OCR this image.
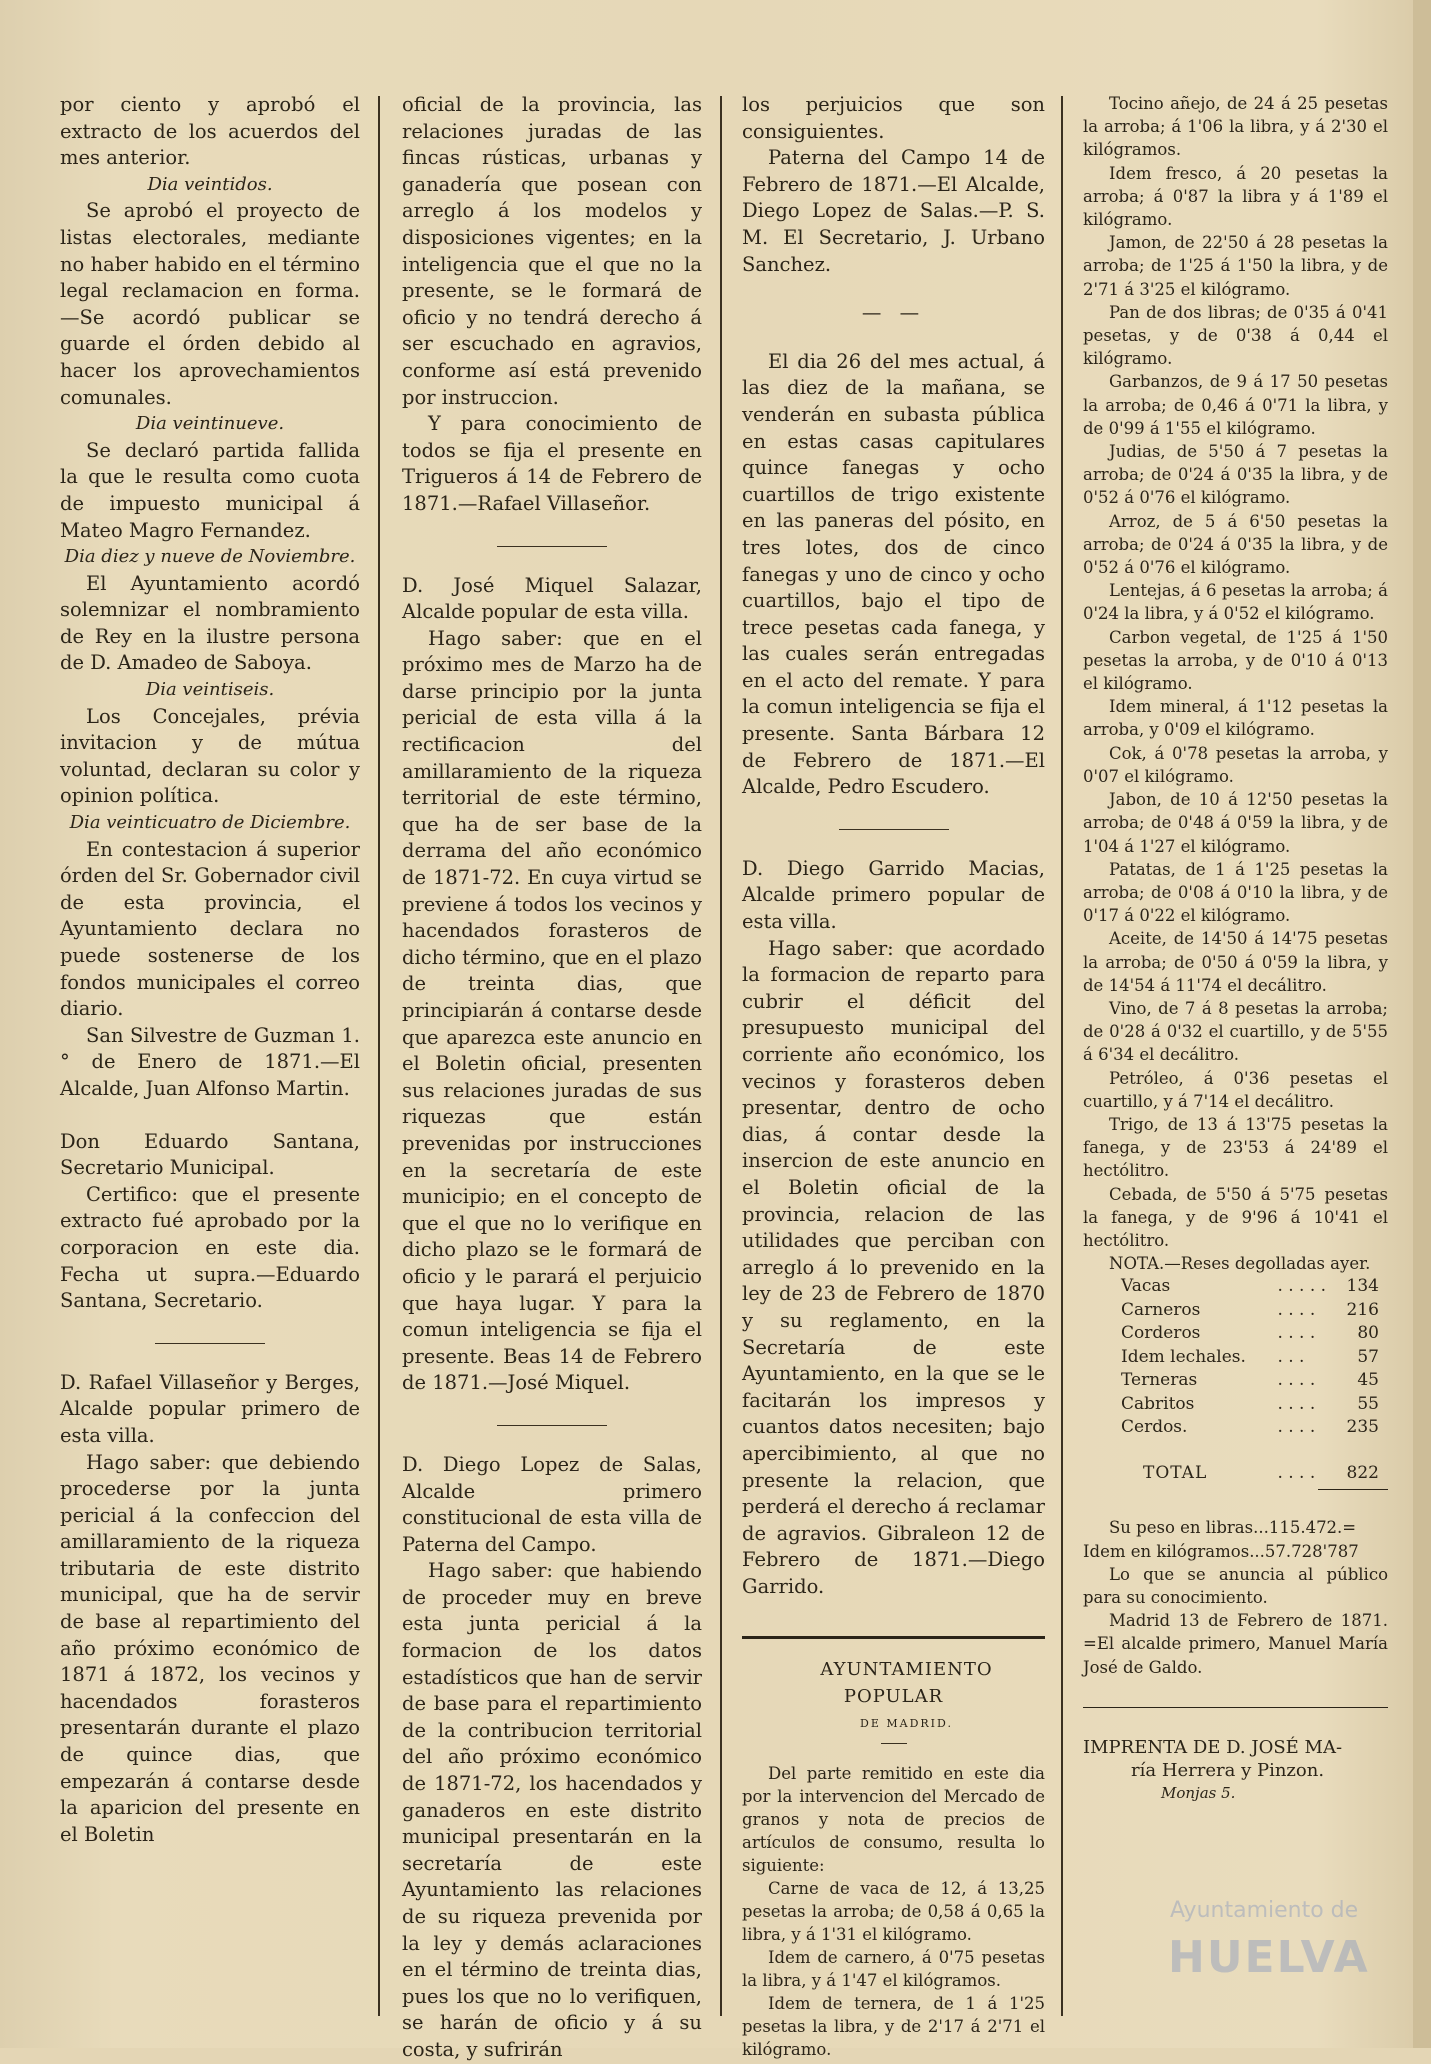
por ciento y aprobó el extracto de los acuerdos del mes anterior.

Dia veintidos.

Se aprobó el proyecto de listas electorales, mediante no haber habido en el término legal reclamacion en forma. —Se acordó publicar se guarde el órden debido al hacer los aprovechamientos comunales.

Dia veintinueve.

Se declaró partida fallida la que le resulta como cuota de impuesto municipal á Mateo Magro Fernandez.

Dia diez y nueve de Noviembre.

El Ayuntamiento acordó solemnizar el nombramiento de Rey en la ilustre persona de D. Amadeo de Saboya.

Dia veintiseis.

Los Concejales, prévia invitacion y de mútua voluntad, declaran su color y opinion política.

Dia veinticuatro de Diciembre.

En contestacion á superior órden del Sr. Gobernador civil de esta provincia, el Ayuntamiento declara no puede sostenerse de los fondos municipales el correo diario.

San Silvestre de Guzman 1.° de Enero de 1871.—El Alcalde, Juan Alfonso Martin.

Don Eduardo Santana, Secretario Municipal.

Certifico: que el presente extracto fué aprobado por la corporacion en este dia. Fecha ut supra.—Eduardo Santana, Secretario.

D. Rafael Villaseñor y Berges, Alcalde popular primero de esta villa.

Hago saber: que debiendo procederse por la junta pericial á la confeccion del amillaramiento de la riqueza tributaria de este distrito municipal, que ha de servir de base al repartimiento del año próximo económico de 1871 á 1872, los vecinos y hacendados forasteros presentarán durante el plazo de quince dias, que empezarán á contarse desde la aparicion del presente en el Boletin

oficial de la provincia, las relaciones juradas de las fincas rústicas, urbanas y ganadería que posean con arreglo á los modelos y disposiciones vigentes; en la inteligencia que el que no la presente, se le formará de oficio y no tendrá derecho á ser escuchado en agravios, conforme así está prevenido por instruccion.

Y para conocimiento de todos se fija el presente en Trigueros á 14 de Febrero de 1871.—Rafael Villaseñor.

D. José Miquel Salazar, Alcalde popular de esta villa.

Hago saber: que en el próximo mes de Marzo ha de darse principio por la junta pericial de esta villa á la rectificacion del amillaramiento de la riqueza territorial de este término, que ha de ser base de la derrama del año económico de 1871-72. En cuya virtud se previene á todos los vecinos y hacendados forasteros de dicho término, que en el plazo de treinta dias, que principiarán á contarse desde que aparezca este anuncio en el Boletin oficial, presenten sus relaciones juradas de sus riquezas que están prevenidas por instrucciones en la secretaría de este municipio; en el concepto de que el que no lo verifique en dicho plazo se le formará de oficio y le parará el perjuicio que haya lugar. Y para la comun inteligencia se fija el presente. Beas 14 de Febrero de 1871.—José Miquel.

D. Diego Lopez de Salas, Alcalde primero constitucional de esta villa de Paterna del Campo.

Hago saber: que habiendo de proceder muy en breve esta junta pericial á la formacion de los datos estadísticos que han de servir de base para el repartimiento de la contribucion territorial del año próximo económico de 1871-72, los hacendados y ganaderos en este distrito municipal presentarán en la secretaría de este Ayuntamiento las relaciones de su riqueza prevenida por la ley y demás aclaraciones en el término de treinta dias, pues los que no lo verifiquen, se harán de oficio y á su costa, y sufrirán

los perjuicios que son consiguientes.

Paterna del Campo 14 de Febrero de 1871.—El Alcalde, Diego Lopez de Salas.—P. S. M. El Secretario, J. Urbano Sanchez.

— —

El dia 26 del mes actual, á las diez de la mañana, se venderán en subasta pública en estas casas capitulares quince fanegas y ocho cuartillos de trigo existente en las paneras del pósito, en tres lotes, dos de cinco fanegas y uno de cinco y ocho cuartillos, bajo el tipo de trece pesetas cada fanega, y las cuales serán entregadas en el acto del remate. Y para la comun inteligencia se fija el presente. Santa Bárbara 12 de Febrero de 1871.—El Alcalde, Pedro Escudero.

D. Diego Garrido Macias, Alcalde primero popular de esta villa.

Hago saber: que acordado la formacion de reparto para cubrir el déficit del presupuesto municipal del corriente año económico, los vecinos y forasteros deben presentar, dentro de ocho dias, á contar desde la insercion de este anuncio en el Boletin oficial de la provincia, relacion de las utilidades que perciban con arreglo á lo prevenido en la ley de 23 de Febrero de 1870 y su reglamento, en la Secretaría de este Ayuntamiento, en la que se le facitarán los impresos y cuantos datos necesiten; bajo apercibimiento, al que no presente la relacion, que perderá el derecho á reclamar de agravios. Gibraleon 12 de Febrero de 1871.—Diego Garrido.

AYUNTAMIENTO POPULAR

DE MADRID.

Del parte remitido en este dia por la intervencion del Mercado de granos y nota de precios de artículos de consumo, resulta lo siguiente:

Carne de vaca de 12, á 13,25 pesetas la arroba; de 0,58 á 0,65 la libra, y á 1'31 el kilógramo.

Idem de carnero, á 0'75 pesetas la libra, y á 1'47 el kilógramos.

Idem de ternera, de 1 á 1'25 pesetas la libra, y de 2'17 á 2'71 el kilógramo.

Tocino añejo, de 24 á 25 pesetas la arroba; á 1'06 la libra, y á 2'30 el kilógramos.

Idem fresco, á 20 pesetas la arroba; á 0'87 la libra y á 1'89 el kilógramo.

Jamon, de 22'50 á 28 pesetas la arroba; de 1'25 á 1'50 la libra, y de 2'71 á 3'25 el kilógramo.

Pan de dos libras; de 0'35 á 0'41 pesetas, y de 0'38 á 0,44 el kilógramo.

Garbanzos, de 9 á 17 50 pesetas la arroba; de 0,46 á 0'71 la libra, y de 0'99 á 1'55 el kilógramo.

Judias, de 5'50 á 7 pesetas la arroba; de 0'24 á 0'35 la libra, y de 0'52 á 0'76 el kilógramo.

Arroz, de 5 á 6'50 pesetas la arroba; de 0'24 á 0'35 la libra, y de 0'52 á 0'76 el kilógramo.

Lentejas, á 6 pesetas la arroba; á 0'24 la libra, y á 0'52 el kilógramo.

Carbon vegetal, de 1'25 á 1'50 pesetas la arroba, y de 0'10 á 0'13 el kilógramo.

Idem mineral, á 1'12 pesetas la arroba, y 0'09 el kilógramo.

Cok, á 0'78 pesetas la arroba, y 0'07 el kilógramo.

Jabon, de 10 á 12'50 pesetas la arroba; de 0'48 á 0'59 la libra, y de 1'04 á 1'27 el kilógramo.

Patatas, de 1 á 1'25 pesetas la arroba; de 0'08 á 0'10 la libra, y de 0'17 á 0'22 el kilógramo.

Aceite, de 14'50 á 14'75 pesetas la arroba; de 0'50 á 0'59 la libra, y de 14'54 á 11'74 el decálitro.

Vino, de 7 á 8 pesetas la arroba; de 0'28 á 0'32 el cuartillo, y de 5'55 á 6'34 el decálitro.

Petróleo, á 0'36 pesetas el cuartillo, y á 7'14 el decálitro.

Trigo, de 13 á 13'75 pesetas la fanega, y de 23'53 á 24'89 el hectólitro.

Cebada, de 5'50 á 5'75 pesetas la fanega, y de 9'96 á 10'41 el hectólitro.

NOTA.—Reses degolladas ayer.

Vacas	. . . . .	134
Carneros	. . . .	216
Corderos	. . . .	80
Idem lechales.	. . .	57
Terneras	. . . .	45
Cabritos	. . . .	55
Cerdos.	. . . .	235
TOTAL	. . . .	822

Su peso en libras...115.472.=

Idem en kilógramos...57.728'787

Lo que se anuncia al público para su conocimiento.

Madrid 13 de Febrero de 1871. =El alcalde primero, Manuel María José de Galdo.

IMPRENTA DE D. JOSÉ MA-

ría Herrera y Pinzon.

Monjas 5.

Ayuntamiento de
HUELVA
